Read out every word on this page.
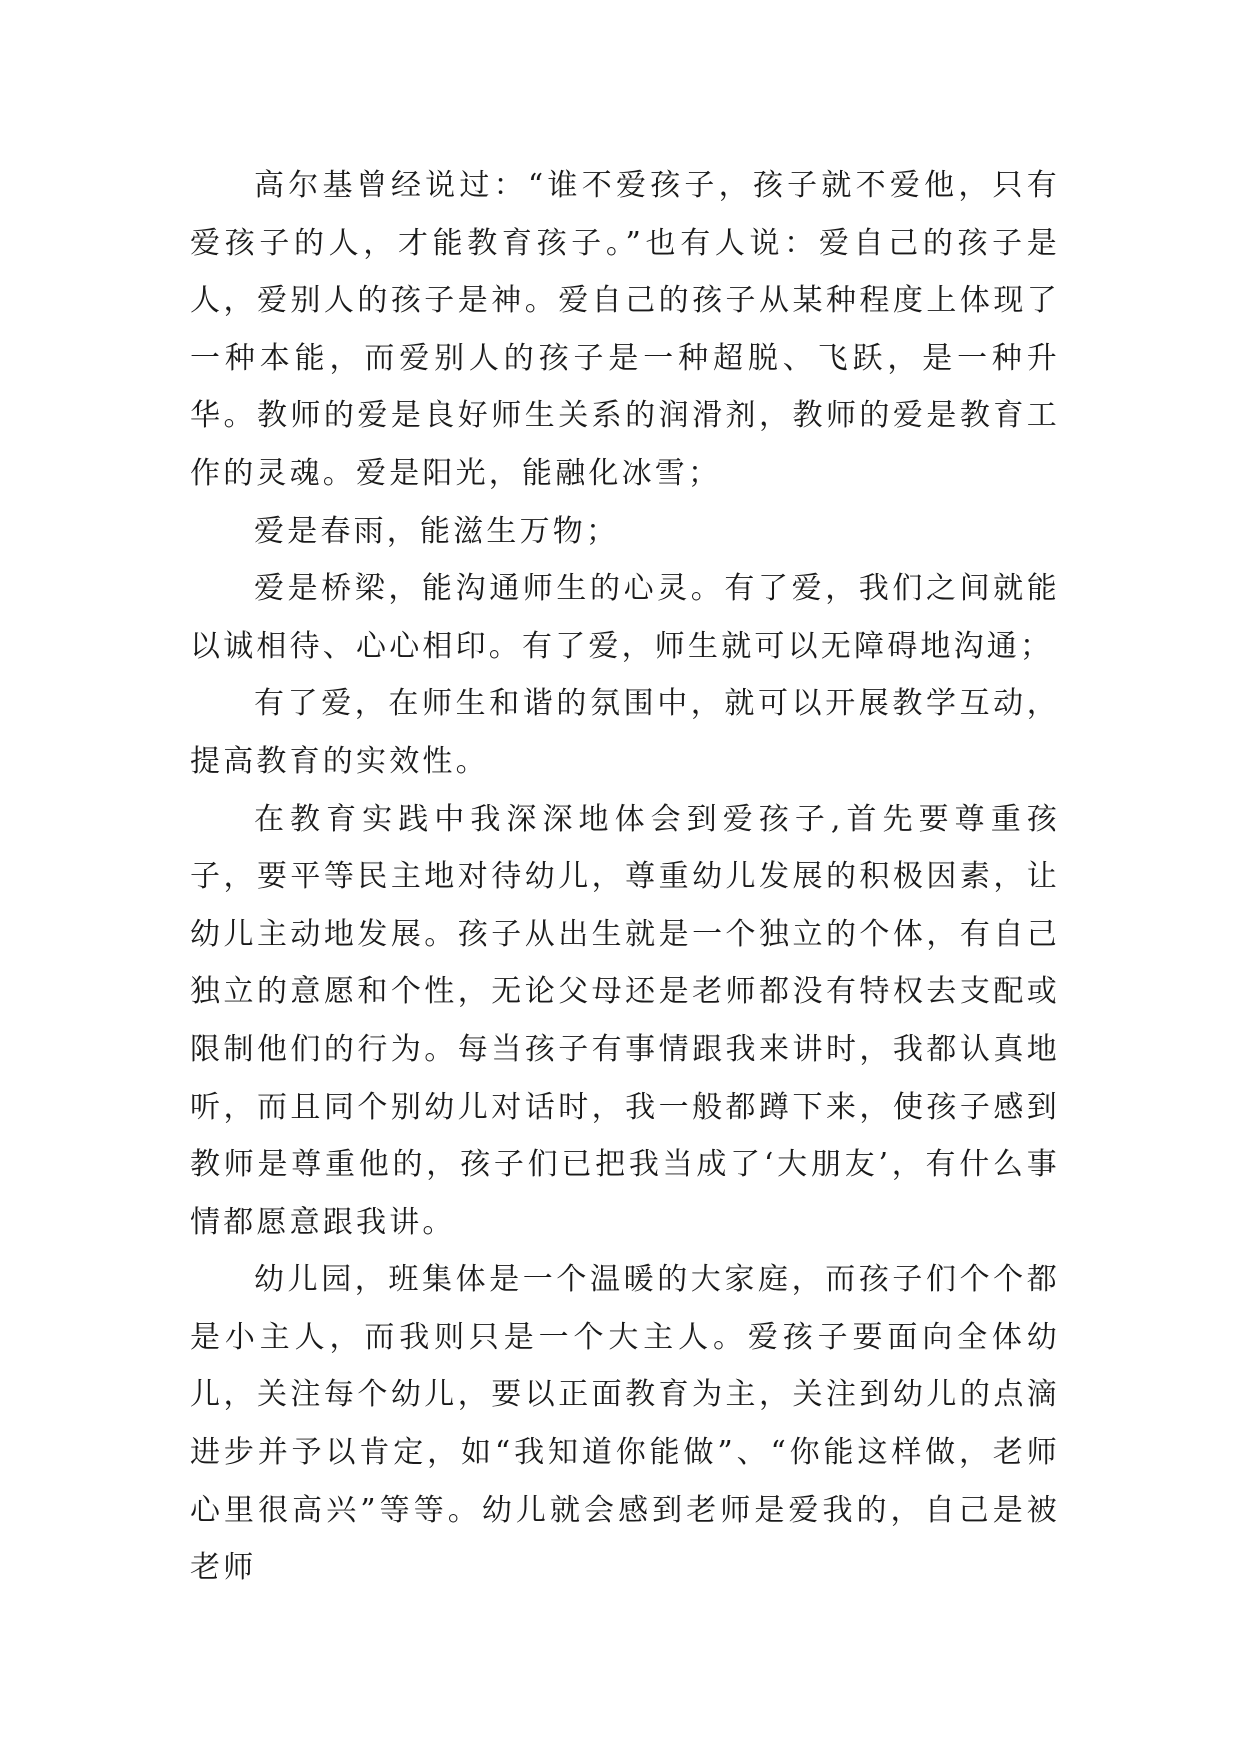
高尔基曾经说过：“谁不爱孩子，孩子就不爱他，只有爱孩子的人，才能教育孩子。”也有人说：爱自己的孩子是人，爱别人的孩子是神。爱自己的孩子从某种程度上体现了一种本能，而爱别人的孩子是一种超脱、飞跃，是一种升华。教师的爱是良好师生关系的润滑剂，教师的爱是教育工作的灵魂。爱是阳光，能融化冰雪；

爱是春雨，能滋生万物；

爱是桥梁，能沟通师生的心灵。有了爱，我们之间就能以诚相待、心心相印。有了爱，师生就可以无障碍地沟通；

有了爱，在师生和谐的氛围中，就可以开展教学互动，提高教育的实效性。

在教育实践中我深深地体会到爱孩子,首先要尊重孩子，要平等民主地对待幼儿，尊重幼儿发展的积极因素，让幼儿主动地发展。孩子从出生就是一个独立的个体，有自己独立的意愿和个性，无论父母还是老师都没有特权去支配或限制他们的行为。每当孩子有事情跟我来讲时，我都认真地听，而且同个别幼儿对话时，我一般都蹲下来，使孩子感到教师是尊重他的，孩子们已把我当成了‘大朋友’，有什么事情都愿意跟我讲。

幼儿园，班集体是一个温暖的大家庭，而孩子们个个都是小主人，而我则只是一个大主人。爱孩子要面向全体幼儿，关注每个幼儿，要以正面教育为主，关注到幼儿的点滴进步并予以肯定，如“我知道你能做”、“你能这样做，老师心里很高兴”等等。幼儿就会感到老师是爱我的，自己是被老师
